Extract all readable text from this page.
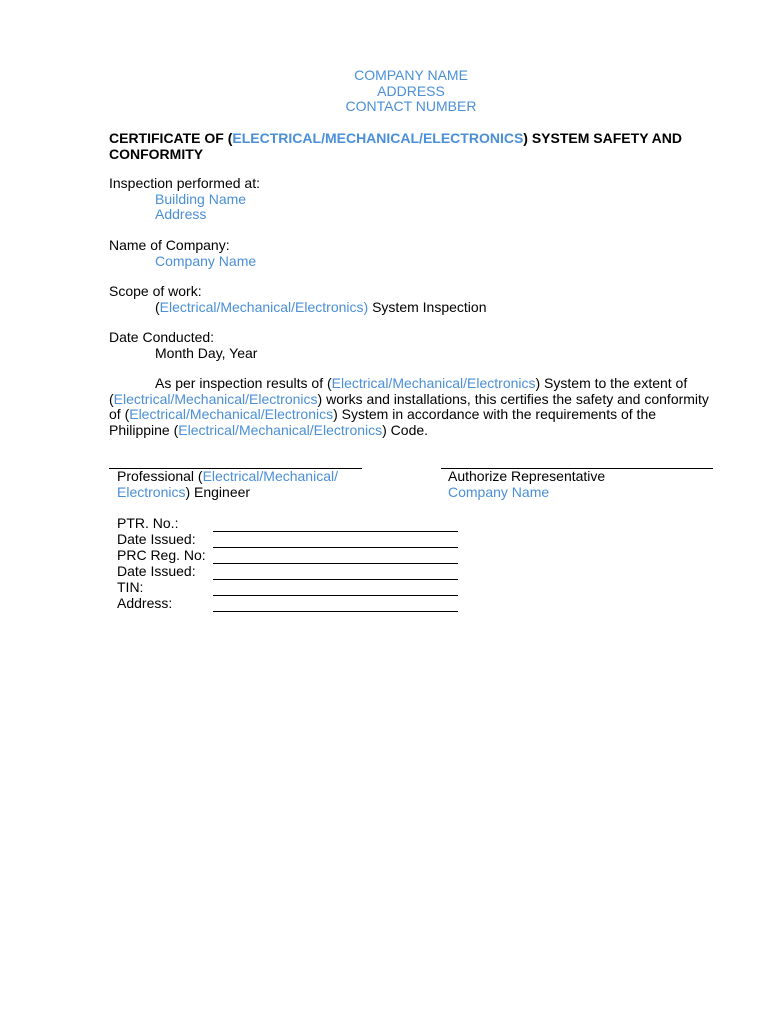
COMPANY NAME
ADDRESS
CONTACT NUMBER
CERTIFICATE OF (ELECTRICAL/MECHANICAL/ELECTRONICS) SYSTEM SAFETY AND CONFORMITY
Inspection performed at:
Building Name
Address
Name of Company:
Company Name
Scope of work:
(Electrical/Mechanical/Electronics) System Inspection
Date Conducted:
Month Day, Year
As per inspection results of (Electrical/Mechanical/Electronics) System to the extent of (Electrical/Mechanical/Electronics) works and installations, this certifies the safety and conformity of (Electrical/Mechanical/Electronics) System in accordance with the requirements of the Philippine (Electrical/Mechanical/Electronics) Code.
Professional (Electrical/Mechanical/ Electronics) Engineer
Authorize Representative
Company Name
PTR. No.:
Date Issued:
PRC Reg. No:
Date Issued:
TIN:
Address:
